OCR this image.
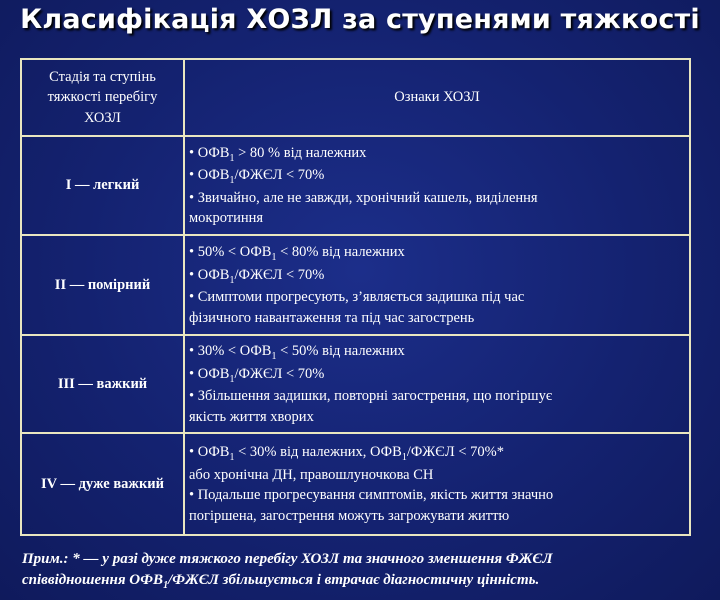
Класифікація ХОЗЛ за ступенями тяжкості
Стадія та ступінь
тяжкості перебігу
ХОЗЛ	Ознаки ХОЗЛ
I — легкий	• $ОФВ_1 > 80$ % від належних
• $ОФВ_1$/ФЖЄЛ < 70%
• Звичайно, але не завжди, хронічний кашель, виділення
мокротиння

II — помірний	• $50\% < ОФВ_1 < 80\%$ від належних
• $ОФВ_1$/ФЖЄЛ < 70%
• Симптоми прогресують, з’являється задишка під час
фізичного навантаження та під час загострень

III — важкий	• $30\% < ОФВ_1 < 50\%$ від належних
• $ОФВ_1$/ФЖЄЛ < 70%
• Збільшення задишки, повторні загострення, що погіршує
якість життя хворих

IV — дуже важкий	• $ОФВ_1 < 30\%$ від належних, $ОФВ_1$/ФЖЄЛ < 70%*
або хронічна ДН, правошлуночкова СН
• Подальше прогресування симптомів, якість життя значно
погіршена, загострення можуть загрожувати життю
Прим.: * — у разі дуже тяжкого перебігу ХОЗЛ та значного зменшення ФЖЄЛ
співвідношення $ОФВ_1$/ФЖЄЛ збільшується і втрачає діагностичну цінність.
